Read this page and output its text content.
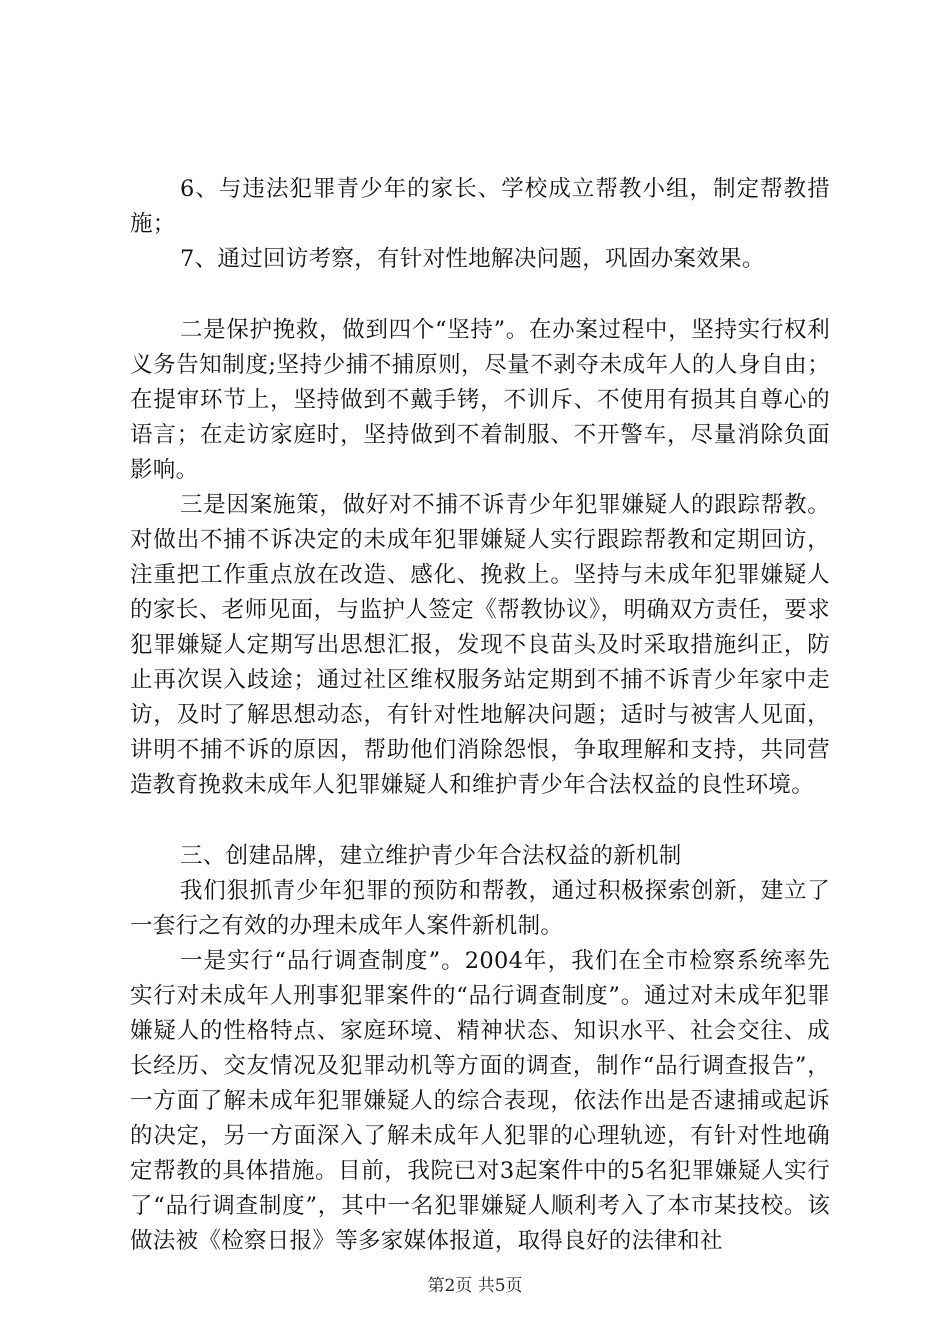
6、与违法犯罪青少年的家长、学校成立帮教小组，制定帮教措施；

7、通过回访考察，有针对性地解决问题，巩固办案效果。

二是保护挽救，做到四个“坚持”。在办案过程中，坚持实行权利义务告知制度;坚持少捕不捕原则，尽量不剥夺未成年人的人身自由；在提审环节上，坚持做到不戴手铐，不训斥、不使用有损其自尊心的语言；在走访家庭时，坚持做到不着制服、不开警车，尽量消除负面影响。

三是因案施策，做好对不捕不诉青少年犯罪嫌疑人的跟踪帮教。对做出不捕不诉决定的未成年犯罪嫌疑人实行跟踪帮教和定期回访，注重把工作重点放在改造、感化、挽救上。坚持与未成年犯罪嫌疑人的家长、老师见面，与监护人签定《帮教协议》，明确双方责任，要求犯罪嫌疑人定期写出思想汇报，发现不良苗头及时采取措施纠正，防止再次误入歧途；通过社区维权服务站定期到不捕不诉青少年家中走访，及时了解思想动态，有针对性地解决问题；适时与被害人见面，讲明不捕不诉的原因，帮助他们消除怨恨，争取理解和支持，共同营造教育挽救未成年人犯罪嫌疑人和维护青少年合法权益的良性环境。

三、创建品牌，建立维护青少年合法权益的新机制

我们狠抓青少年犯罪的预防和帮教，通过积极探索创新，建立了一套行之有效的办理未成年人案件新机制。

一是实行“品行调查制度”。2004年，我们在全市检察系统率先实行对未成年人刑事犯罪案件的“品行调查制度”。通过对未成年犯罪嫌疑人的性格特点、家庭环境、精神状态、知识水平、社会交往、成长经历、交友情况及犯罪动机等方面的调查，制作“品行调查报告”，一方面了解未成年犯罪嫌疑人的综合表现，依法作出是否逮捕或起诉的决定，另一方面深入了解未成年人犯罪的心理轨迹，有针对性地确定帮教的具体措施。目前，我院已对3起案件中的5名犯罪嫌疑人实行了“品行调查制度”，其中一名犯罪嫌疑人顺利考入了本市某技校。该做法被《检察日报》等多家媒体报道，取得良好的法律和社

第2页 共5页
